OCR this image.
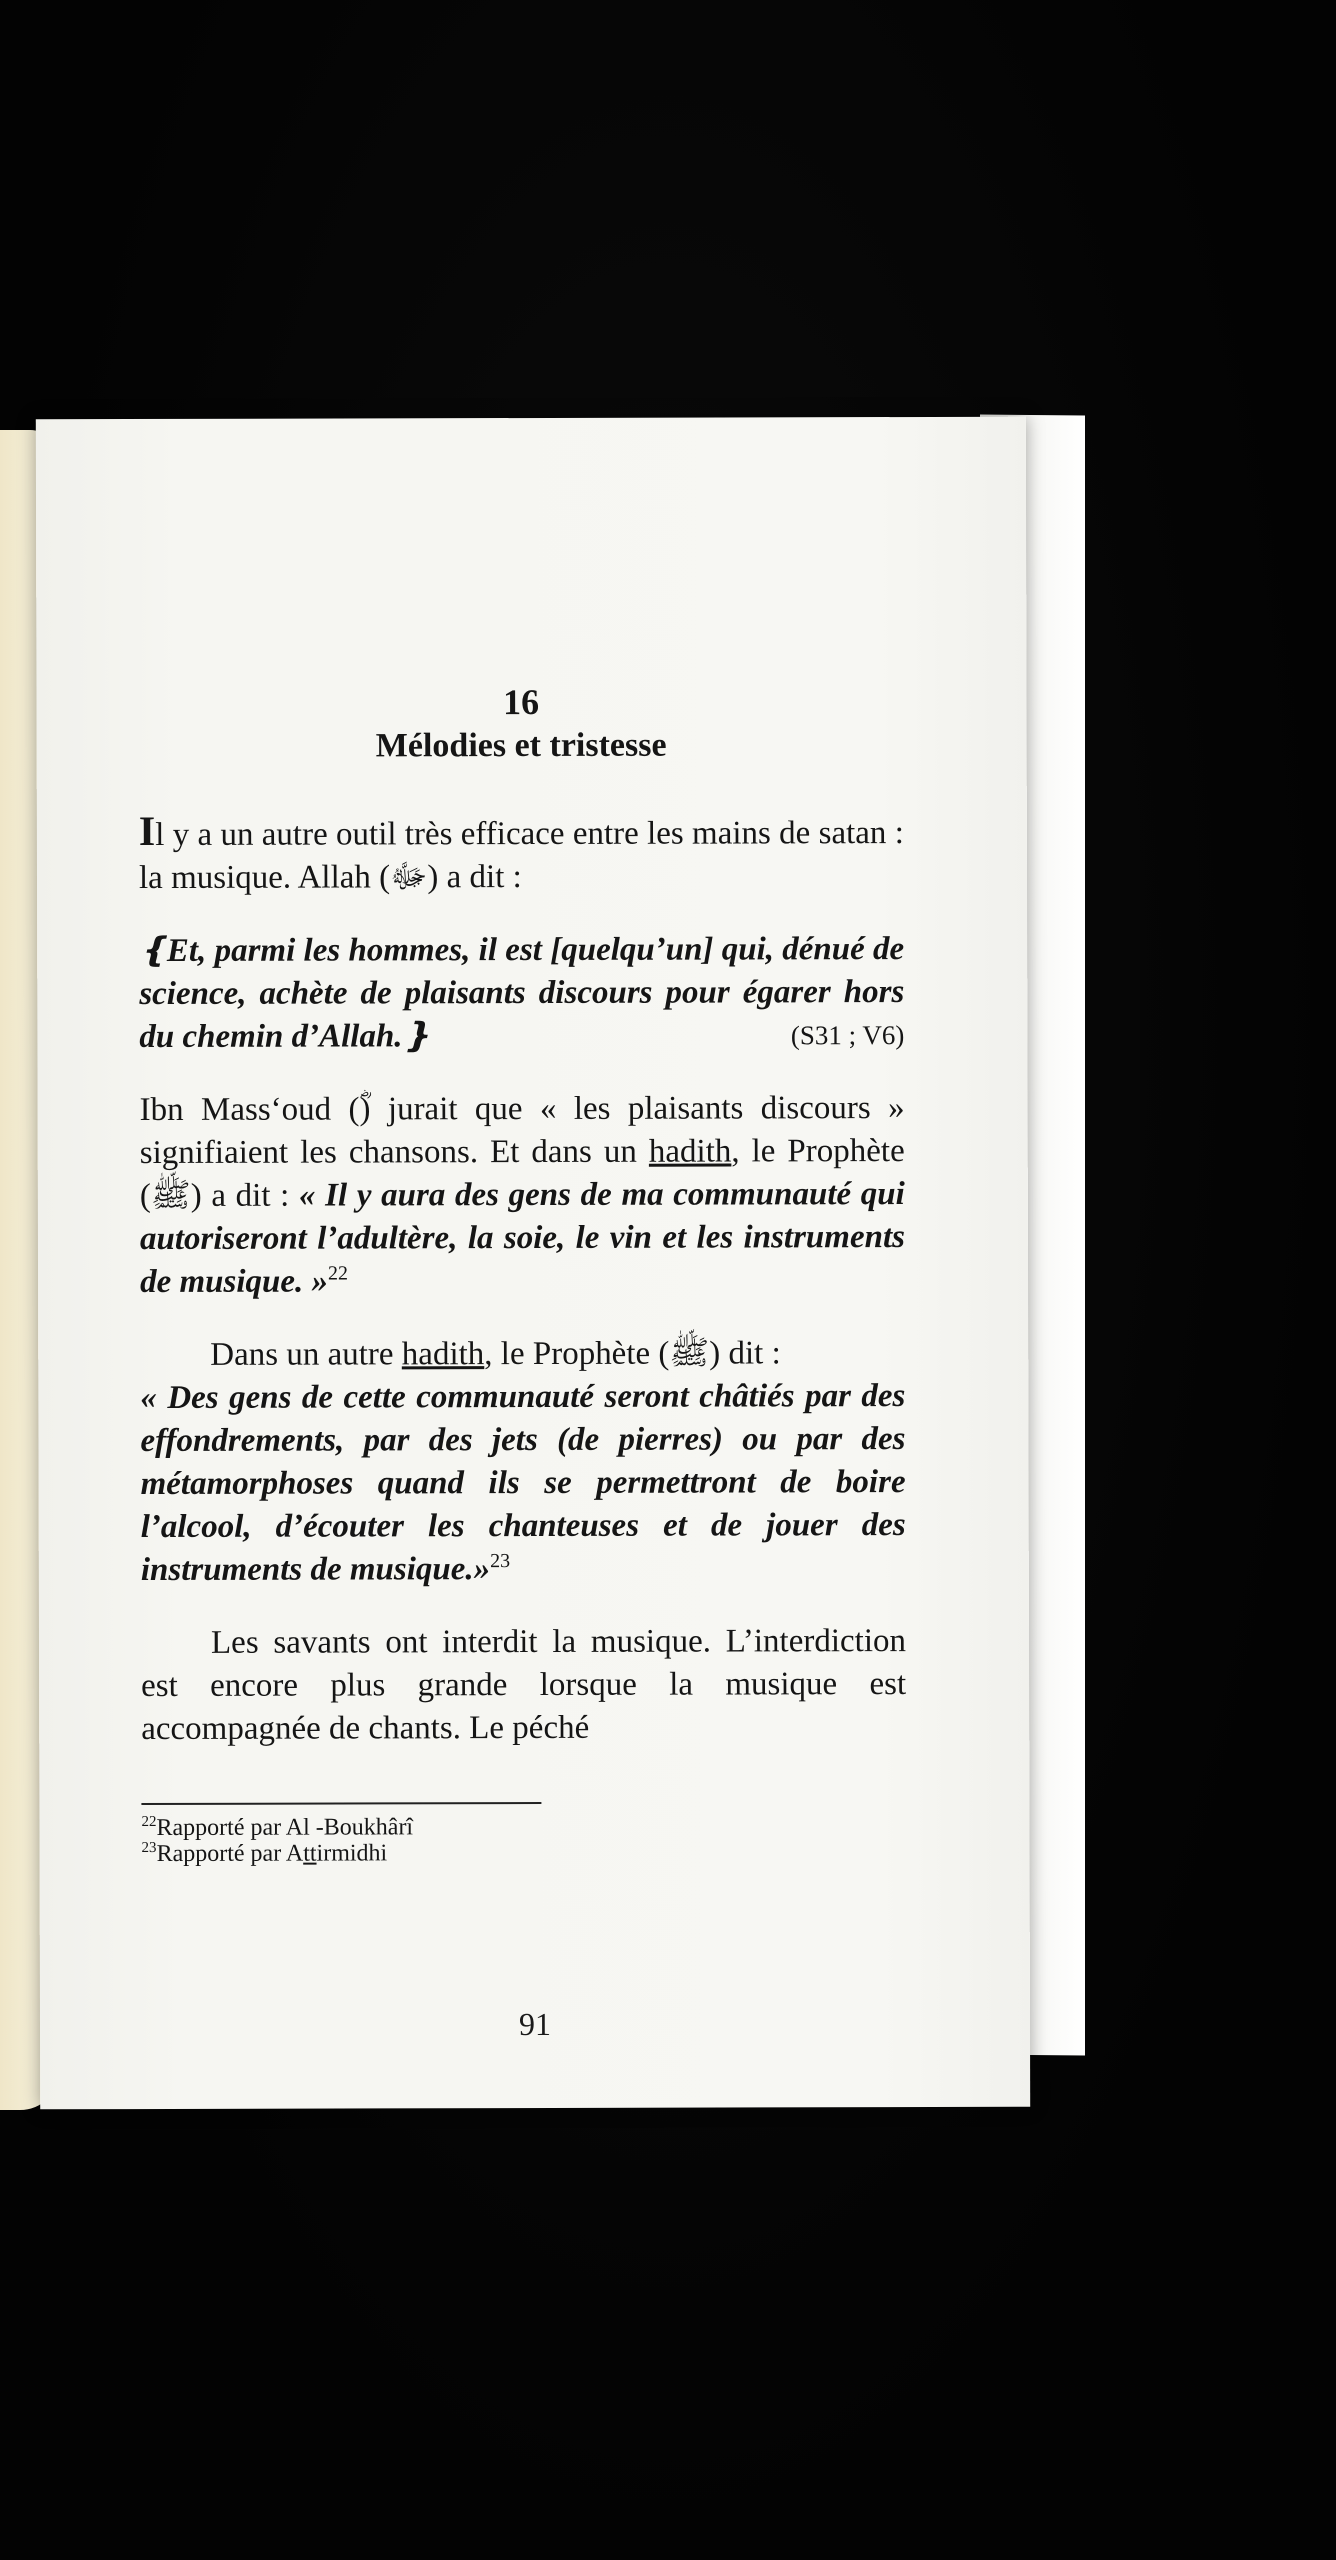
16
Mélodies et tristesse

Il y a un autre outil très efficace entre les mains de satan : la musique. Allah (ﷻ) a dit :

❴Et, parmi les hommes, il est [quelqu’un] qui, dénué de science, achète de plaisants discours pour égarer hors du chemin d’Allah.❵	(S31 ; V6)

Ibn Mass‘oud (ؓ) jurait que « les plaisants discours » signifiaient les chansons. Et dans un hadith, le Prophète (ﷺ) a dit : « Il y aura des gens de ma communauté qui autoriseront l’adultère, la soie, le vin et les instruments de musique. »$^{22}$

Dans un autre hadith, le Prophète (ﷺ) dit :
« Des gens de cette communauté seront châtiés par des effondrements, par des jets (de pierres) ou par des métamorphoses quand ils se permettront de boire l’alcool, d’écouter les chanteuses et de jouer des instruments de musique.»$^{23}$

Les savants ont interdit la musique. L’interdiction est encore plus grande lorsque la musique est accompagnée de chants. Le péché

$^{22}$Rapporté par Al -Boukhârî

$^{23}$Rapporté par Attirmidhi

91
